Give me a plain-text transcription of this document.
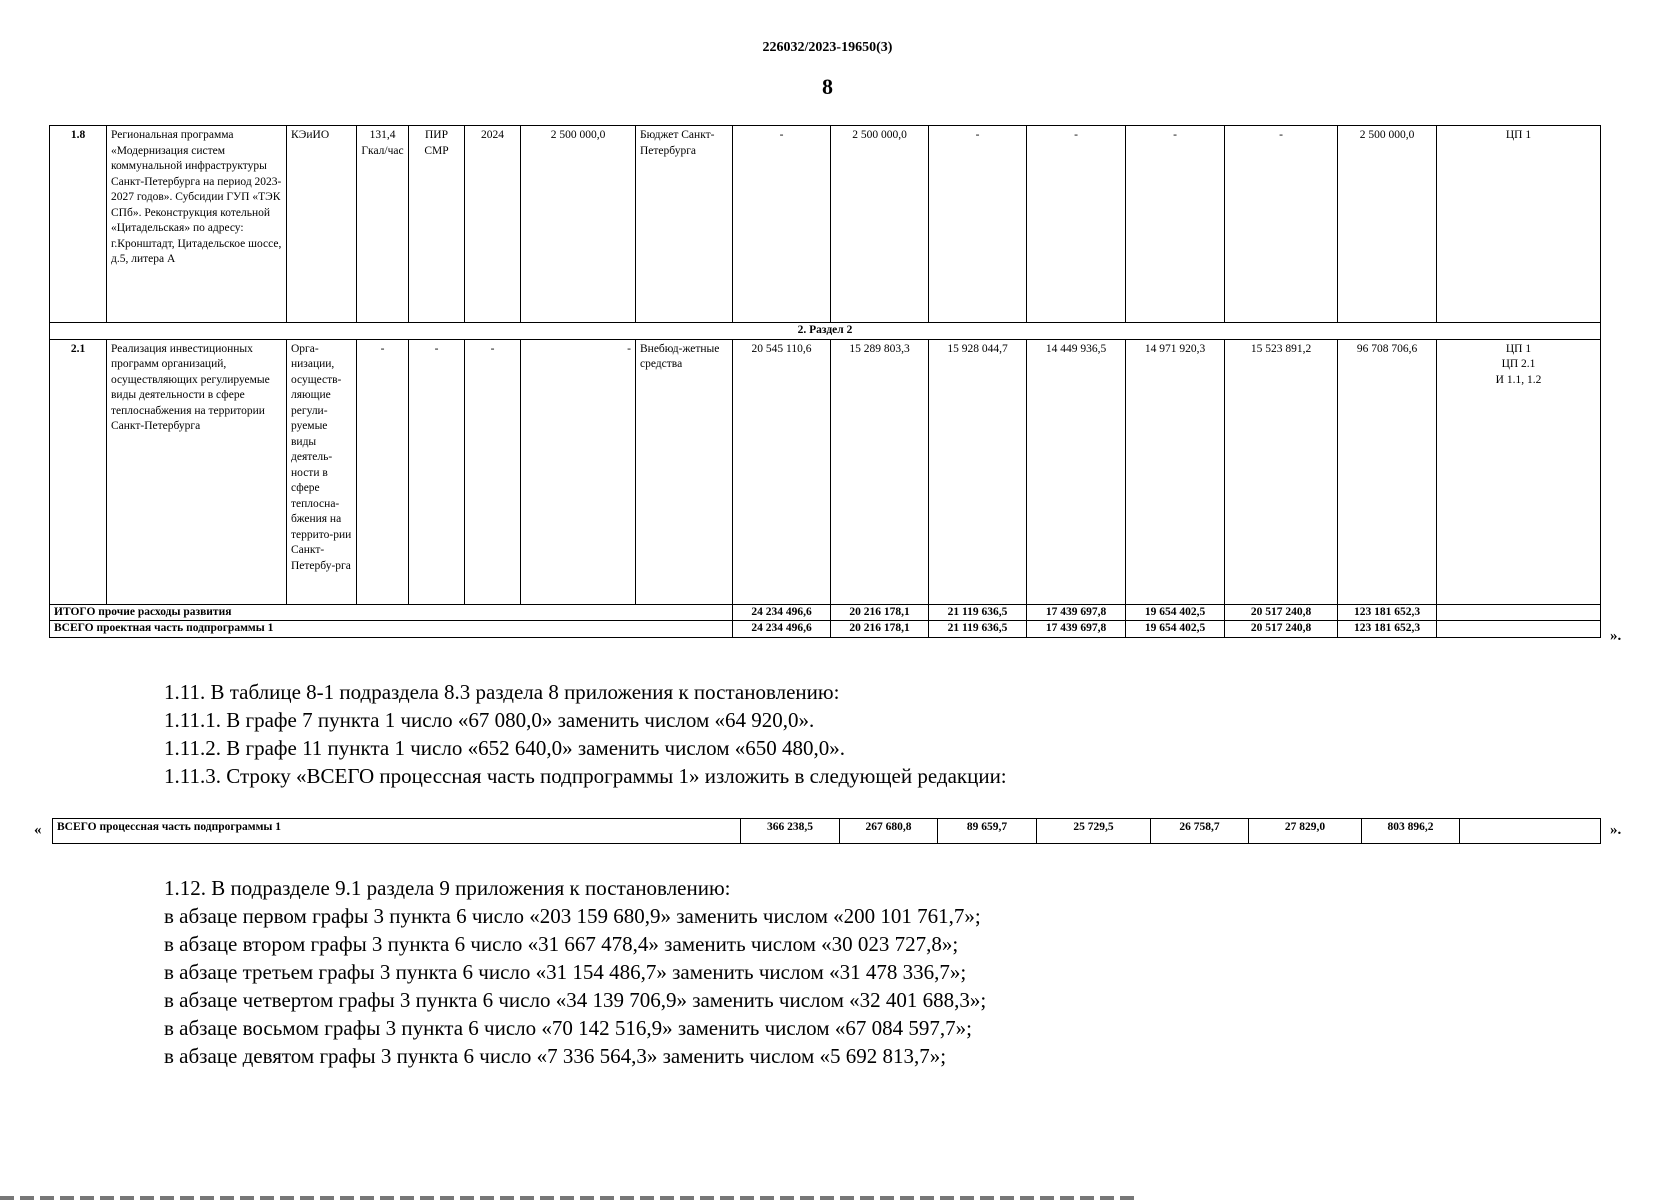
226032/2023-19650(3)
8
1.8	Региональная программа «Модернизация систем коммунальной инфраструктуры Санкт-Петербурга на период 2023-2027 годов». Субсидии ГУП «ТЭК СПб». Реконструкция котельной «Цитадельская» по адресу: г.Кронштадт, Цитадельское шоссе, д.5, литера А	КЭиИО	131,4 Гкал/час	ПИР СМР	2024	2 500 000,0	Бюджет Санкт-Петербурга	-	2 500 000,0	-	-	-	-	2 500 000,0	ЦП 1
2. Раздел 2															
2.1	Реализация инвестиционных программ организаций, осуществляющих регулируемые виды деятельности в сфере теплоснабжения на территории Санкт-Петербурга	Орга-низации, осуществ-ляющие регули-руемые виды деятель-ности в сфере теплосна-бжения на террито-рии Санкт-Петербу-рга	-	-	-	-	Внебюд-жетные средства	20 545 110,6	15 289 803,3	15 928 044,7	14 449 936,5	14 971 920,3	15 523 891,2	96 708 706,6	ЦП 1
ЦП 2.1
И 1.1, 1.2
ИТОГО прочие расходы развития								24 234 496,6	20 216 178,1	21 119 636,5	17 439 697,8	19 654 402,5	20 517 240,8	123 181 652,3	
ВСЕГО проектная часть подпрограммы 1								24 234 496,6	20 216 178,1	21 119 636,5	17 439 697,8	19 654 402,5	20 517 240,8	123 181 652,3		».
1.11. В таблице 8-1 подраздела 8.3 раздела 8 приложения к постановлению:
1.11.1. В графе 7 пункта 1 число «67 080,0» заменить числом «64 920,0».
1.11.2. В графе 11 пункта 1 число «652 640,0» заменить числом «650 480,0».
1.11.3. Строку «ВСЕГО процессная часть подпрограммы 1» изложить в следующей редакции:
« ВСЕГО процессная часть подпрограммы 1	366 238,5	267 680,8	89 659,7	25 729,5	26 758,7	27 829,0	803 896,2		».
1.12. В подразделе 9.1 раздела 9 приложения к постановлению:
в абзаце первом графы 3 пункта 6 число «203 159 680,9» заменить числом «200 101 761,7»;
в абзаце втором графы 3 пункта 6 число «31 667 478,4» заменить числом «30 023 727,8»;
в абзаце третьем графы 3 пункта 6 число «31 154 486,7» заменить числом «31 478 336,7»;
в абзаце четвертом графы 3 пункта 6 число «34 139 706,9» заменить числом «32 401 688,3»;
в абзаце восьмом графы 3 пункта 6 число «70 142 516,9» заменить числом «67 084 597,7»;
в абзаце девятом графы 3 пункта 6 число «7 336 564,3» заменить числом «5 692 813,7»;
